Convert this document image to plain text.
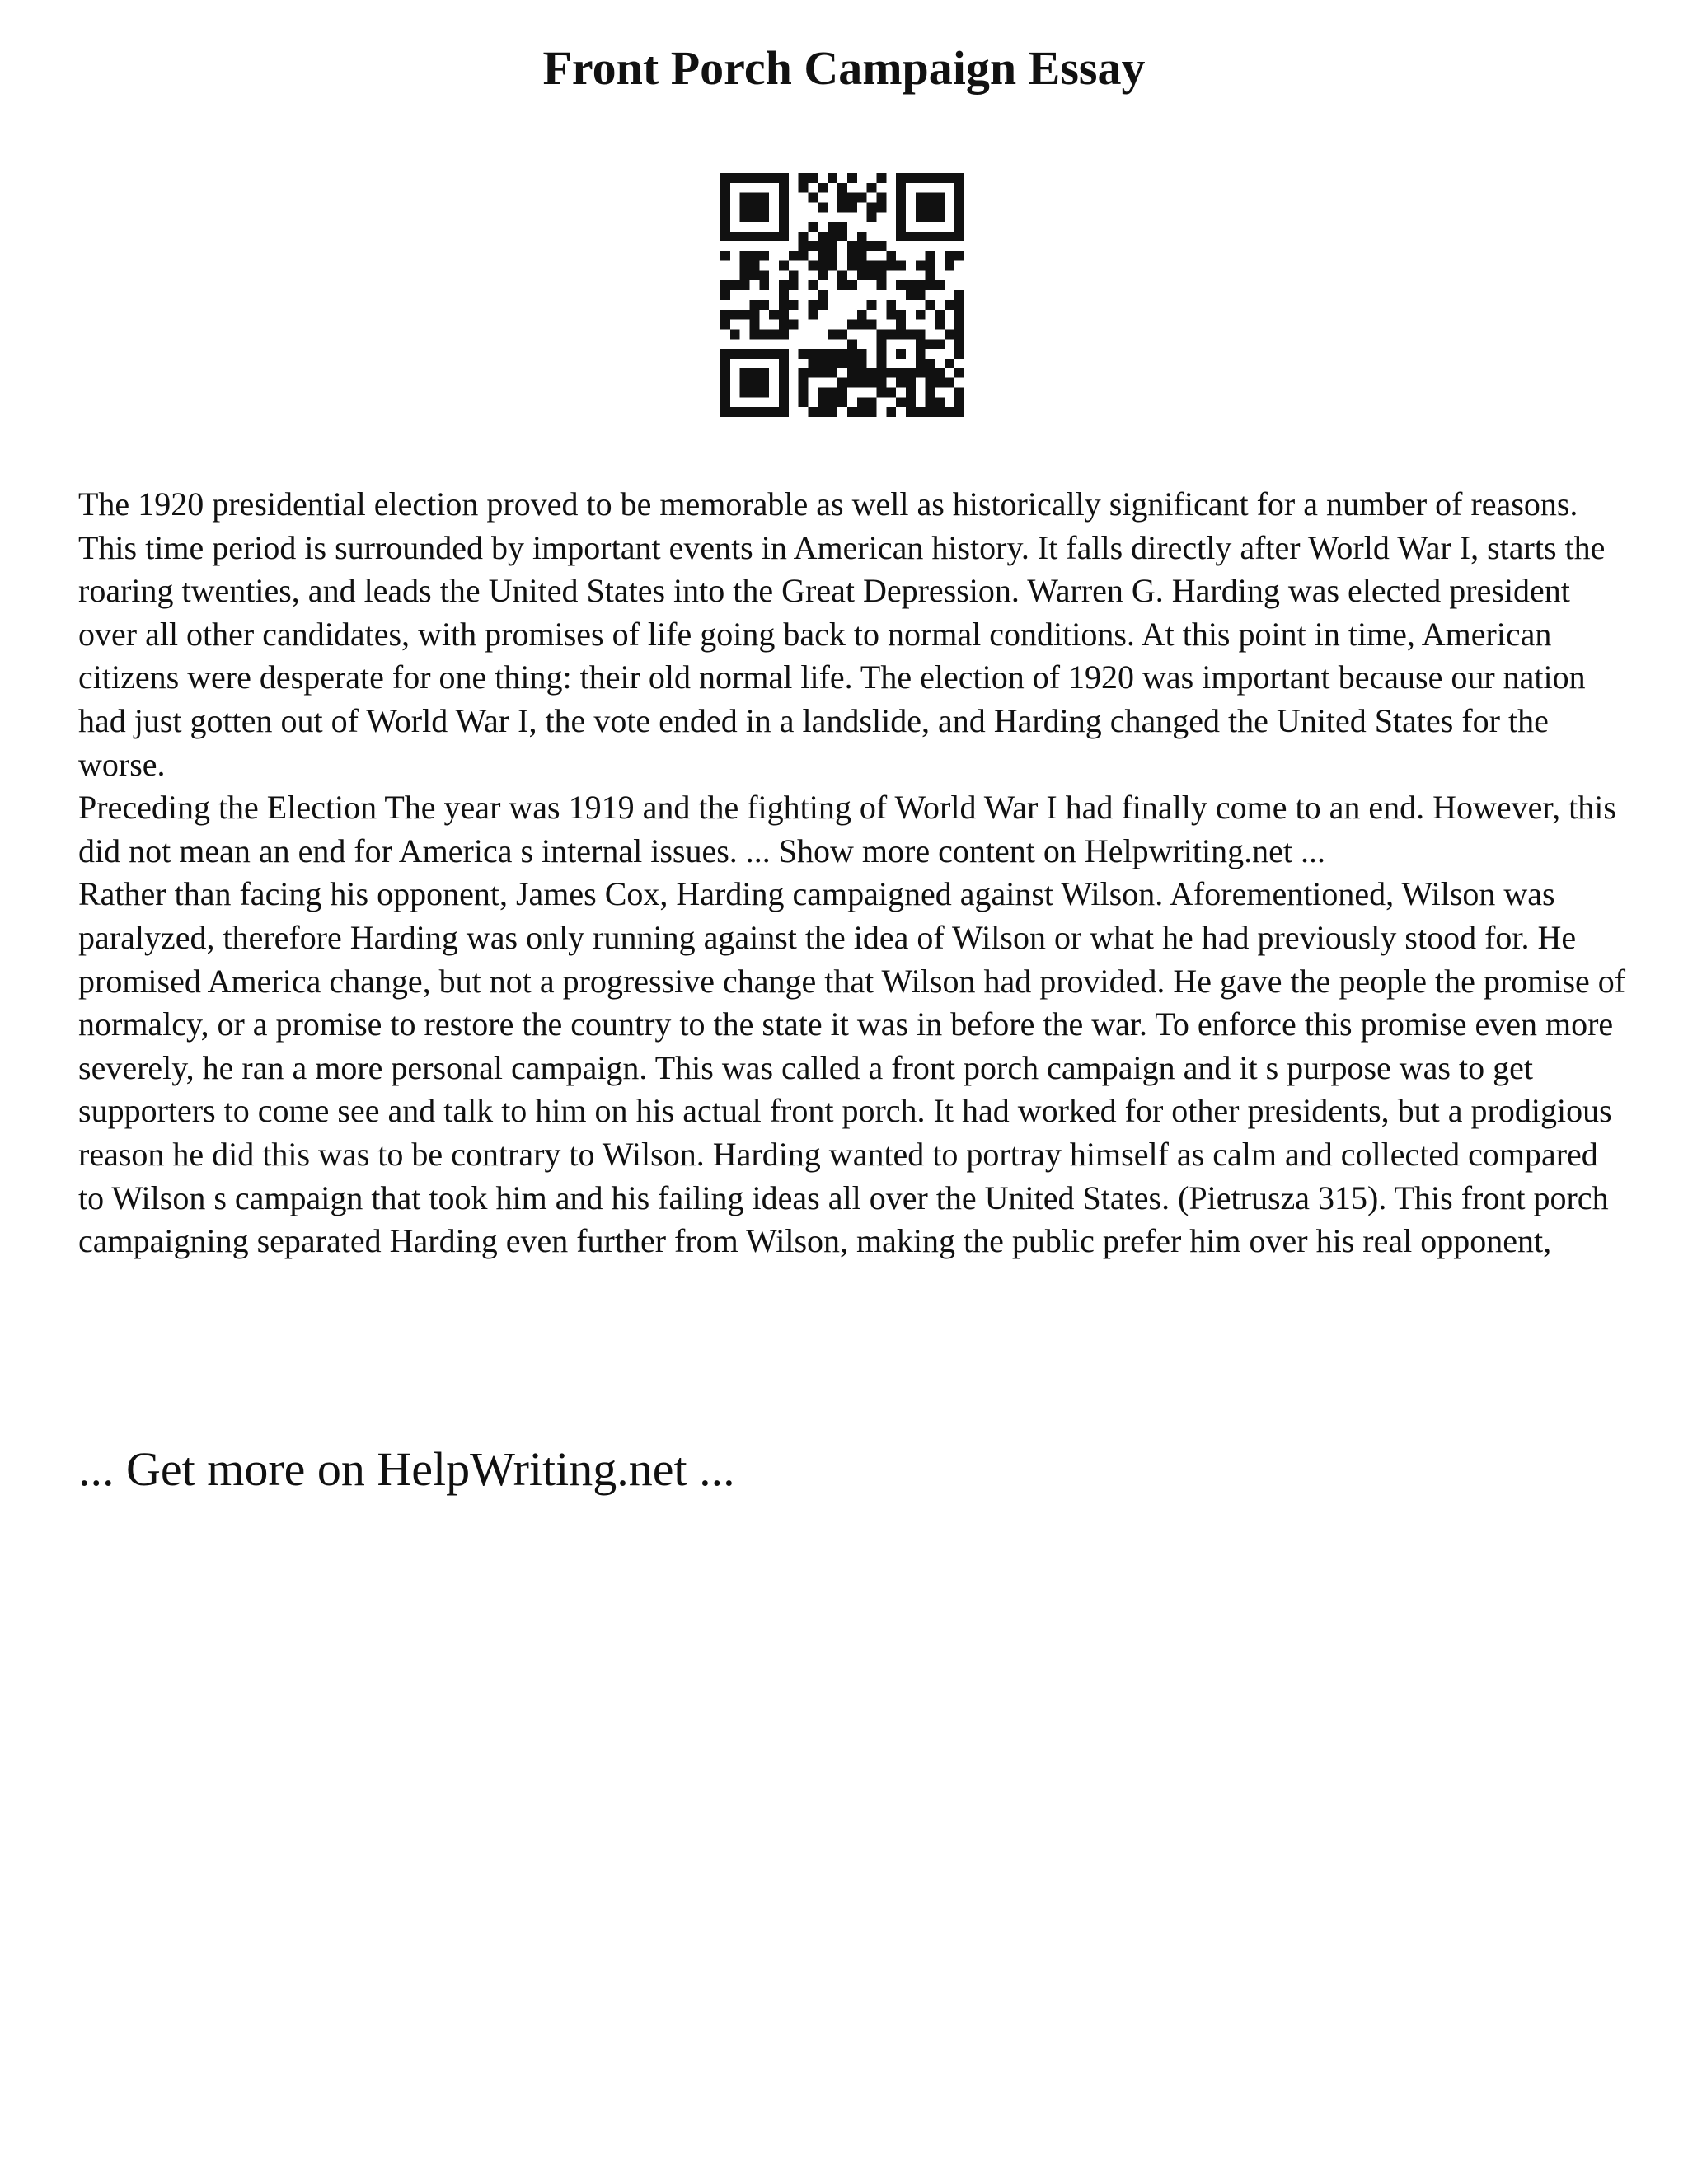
Front Porch Campaign Essay

The 1920 presidential election proved to be memorable as well as historically significant for a number of reasons. This time period is surrounded by important events in American history. It falls directly after World War I, starts the roaring twenties, and leads the United States into the Great Depression. Warren G. Harding was elected president over all other candidates, with promises of life going back to normal conditions. At this point in time, American citizens were desperate for one thing: their old normal life. The election of 1920 was important because our nation had just gotten out of World War I, the vote ended in a landslide, and Harding changed the United States for the worse.

Preceding the Election The year was 1919 and the fighting of World War I had finally come to an end. However, this did not mean an end for America s internal issues. ... Show more content on Helpwriting.net ...

Rather than facing his opponent, James Cox, Harding campaigned against Wilson. Aforementioned, Wilson was paralyzed, therefore Harding was only running against the idea of Wilson or what he had previously stood for. He promised America change, but not a progressive change that Wilson had provided. He gave the people the promise of normalcy, or a promise to restore the country to the state it was in before the war. To enforce this promise even more severely, he ran a more personal campaign. This was called a front porch campaign and it s purpose was to get supporters to come see and talk to him on his actual front porch. It had worked for other presidents, but a prodigious reason he did this was to be contrary to Wilson. Harding wanted to portray himself as calm and collected compared to Wilson s campaign that took him and his failing ideas all over the United States. (Pietrusza 315). This front porch campaigning separated Harding even further from Wilson, making the public prefer him over his real opponent,

... Get more on HelpWriting.net ...
